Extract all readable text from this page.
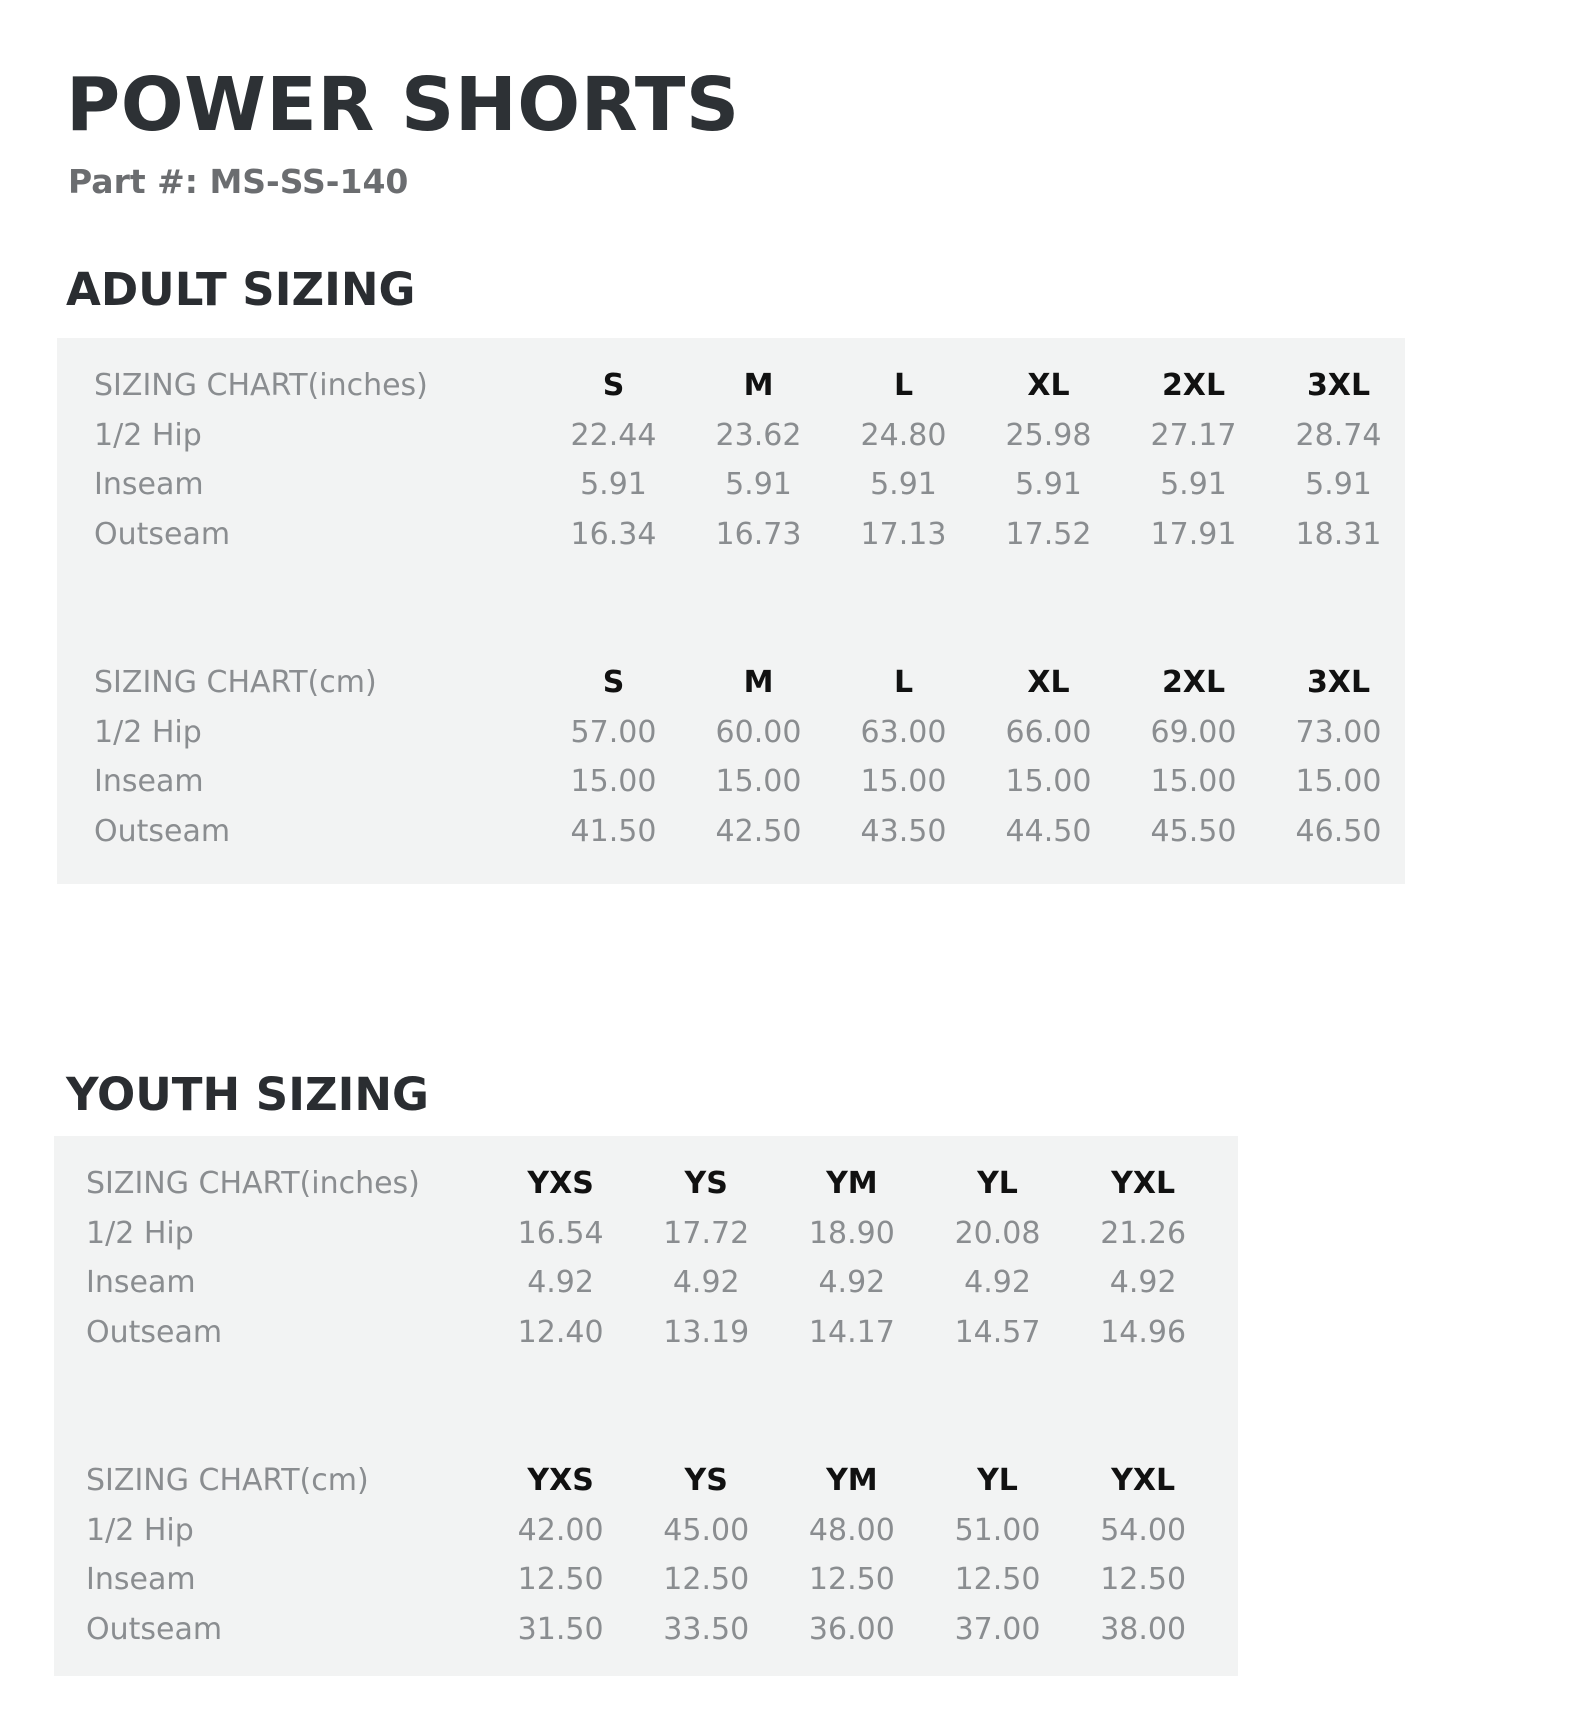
POWER SHORTS
Part #: MS-SS-140
ADULT SIZING
SIZING CHART(inches)	S	M	L	XL	2XL	3XL
1/2 Hip	22.44	23.62	24.80	25.98	27.17	28.74
Inseam	5.91	5.91	5.91	5.91	5.91	5.91
Outseam	16.34	16.73	17.13	17.52	17.91	18.31
SIZING CHART(cm)	S	M	L	XL	2XL	3XL
1/2 Hip	57.00	60.00	63.00	66.00	69.00	73.00
Inseam	15.00	15.00	15.00	15.00	15.00	15.00
Outseam	41.50	42.50	43.50	44.50	45.50	46.50
YOUTH SIZING
SIZING CHART(inches)	YXS	YS	YM	YL	YXL
1/2 Hip	16.54	17.72	18.90	20.08	21.26
Inseam	4.92	4.92	4.92	4.92	4.92
Outseam	12.40	13.19	14.17	14.57	14.96
SIZING CHART(cm)	YXS	YS	YM	YL	YXL
1/2 Hip	42.00	45.00	48.00	51.00	54.00
Inseam	12.50	12.50	12.50	12.50	12.50
Outseam	31.50	33.50	36.00	37.00	38.00
